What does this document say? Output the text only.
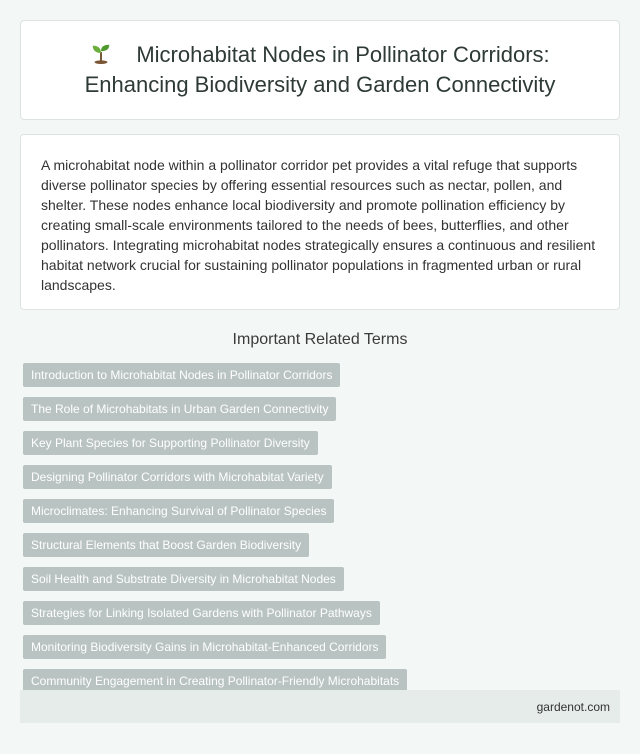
Microhabitat Nodes in Pollinator Corridors: Enhancing Biodiversity and Garden Connectivity

A microhabitat node within a pollinator corridor pet provides a vital refuge that supports diverse pollinator species by offering essential resources such as nectar, pollen, and shelter. These nodes enhance local biodiversity and promote pollination efficiency by creating small-scale environments tailored to the needs of bees, butterflies, and other pollinators. Integrating microhabitat nodes strategically ensures a continuous and resilient habitat network crucial for sustaining pollinator populations in fragmented urban or rural landscapes.

Important Related Terms
Introduction to Microhabitat Nodes in Pollinator Corridors
The Role of Microhabitats in Urban Garden Connectivity
Key Plant Species for Supporting Pollinator Diversity
Designing Pollinator Corridors with Microhabitat Variety
Microclimates: Enhancing Survival of Pollinator Species
Structural Elements that Boost Garden Biodiversity
Soil Health and Substrate Diversity in Microhabitat Nodes
Strategies for Linking Isolated Gardens with Pollinator Pathways
Monitoring Biodiversity Gains in Microhabitat-Enhanced Corridors
Community Engagement in Creating Pollinator-Friendly Microhabitats
gardenot.com
